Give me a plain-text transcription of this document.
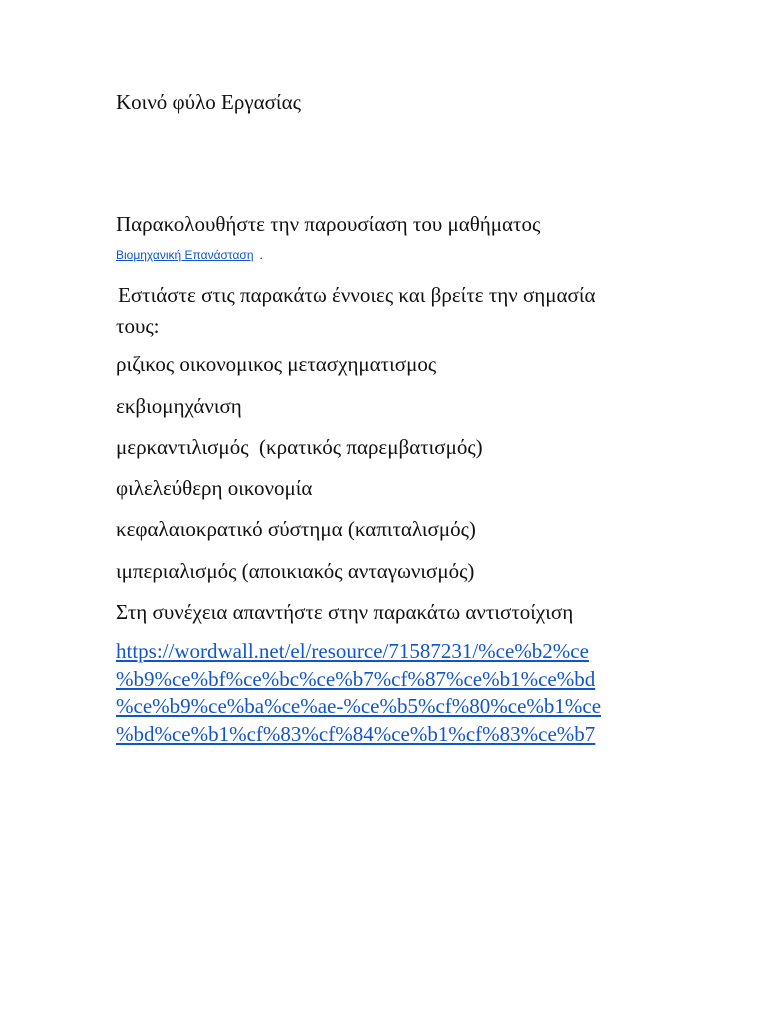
Κοινό φύλο Εργασίας
Παρακολουθήστε την παρουσίαση του μαθήματος
Βιομηχανική Επανάσταση .
Εστιάστε στις παρακάτω έννοιες και βρείτε την σημασία
τους:
ριζικος οικονομικος μετασχηματισμος
εκβιομηχάνιση
μερκαντιλισμός  (κρατικός παρεμβατισμός)
φιλελεύθερη οικονομία
κεφαλαιοκρατικό σύστημα (καπιταλισμός)
ιμπεριαλισμός (αποικιακός ανταγωνισμός)
Στη συνέχεια απαντήστε στην παρακάτω αντιστοίχιση
https://wordwall.net/el/resource/71587231/%ce%b2%ce
%b9%ce%bf%ce%bc%ce%b7%cf%87%ce%b1%ce%bd
%ce%b9%ce%ba%ce%ae-%ce%b5%cf%80%ce%b1%ce
%bd%ce%b1%cf%83%cf%84%ce%b1%cf%83%ce%b7
